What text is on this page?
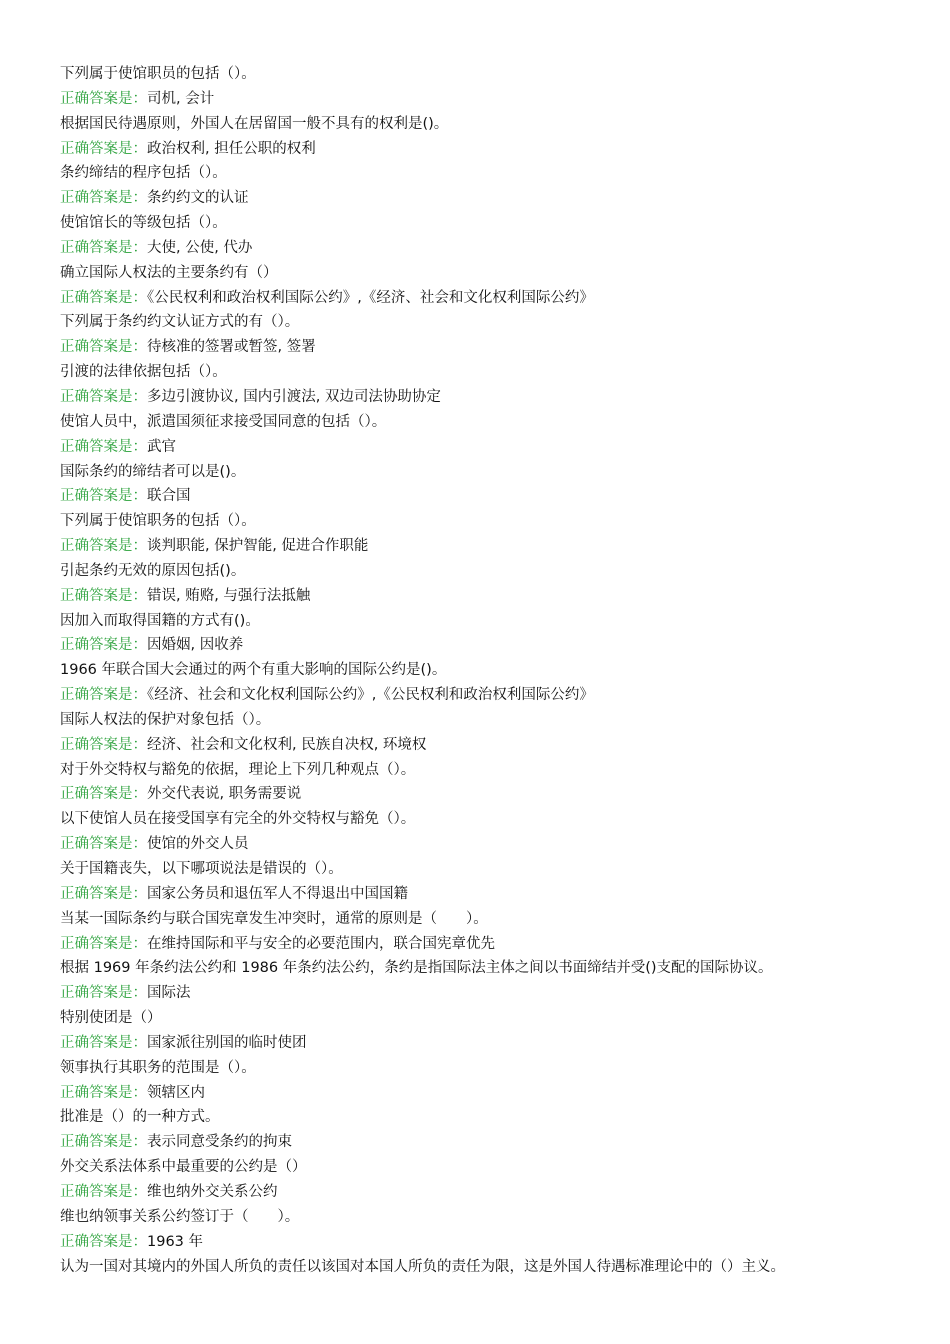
下列属于使馆职员的包括（）。
正确答案是：司机, 会计
根据国民待遇原则，外国人在居留国一般不具有的权利是()。
正确答案是：政治权利, 担任公职的权利
条约缔结的程序包括（）。
正确答案是：条约约文的认证
使馆馆长的等级包括（）。
正确答案是：大使, 公使, 代办
确立国际人权法的主要条约有（）
正确答案是：《公民权利和政治权利国际公约》,《经济、社会和文化权利国际公约》
下列属于条约约文认证方式的有（）。
正确答案是：待核准的签署或暂签, 签署
引渡的法律依据包括（）。
正确答案是：多边引渡协议, 国内引渡法, 双边司法协助协定
使馆人员中，派遣国须征求接受国同意的包括（）。
正确答案是：武官
国际条约的缔结者可以是()。
正确答案是：联合国
下列属于使馆职务的包括（）。
正确答案是：谈判职能, 保护智能, 促进合作职能
引起条约无效的原因包括()。
正确答案是：错误, 贿赂, 与强行法抵触
因加入而取得国籍的方式有()。
正确答案是：因婚姻, 因收养
1966 年联合国大会通过的两个有重大影响的国际公约是()。
正确答案是：《经济、社会和文化权利国际公约》,《公民权利和政治权利国际公约》
国际人权法的保护对象包括（）。
正确答案是：经济、社会和文化权利, 民族自决权, 环境权
对于外交特权与豁免的依据，理论上下列几种观点（）。
正确答案是：外交代表说, 职务需要说
以下使馆人员在接受国享有完全的外交特权与豁免（）。
正确答案是：使馆的外交人员
关于国籍丧失，以下哪项说法是错误的（）。
正确答案是：国家公务员和退伍军人不得退出中国国籍
当某一国际条约与联合国宪章发生冲突时，通常的原则是（　　）。
正确答案是：在维持国际和平与安全的必要范围内，联合国宪章优先
根据 1969 年条约法公约和 1986 年条约法公约，条约是指国际法主体之间以书面缔结并受()支配的国际协议。
正确答案是：国际法
特别使团是（）
正确答案是：国家派往别国的临时使团
领事执行其职务的范围是（）。
正确答案是：领辖区内
批准是（）的一种方式。
正确答案是：表示同意受条约的拘束
外交关系法体系中最重要的公约是（）
正确答案是：维也纳外交关系公约
维也纳领事关系公约签订于（　　）。
正确答案是：1963 年
认为一国对其境内的外国人所负的责任以该国对本国人所负的责任为限，这是外国人待遇标准理论中的（）主义。
